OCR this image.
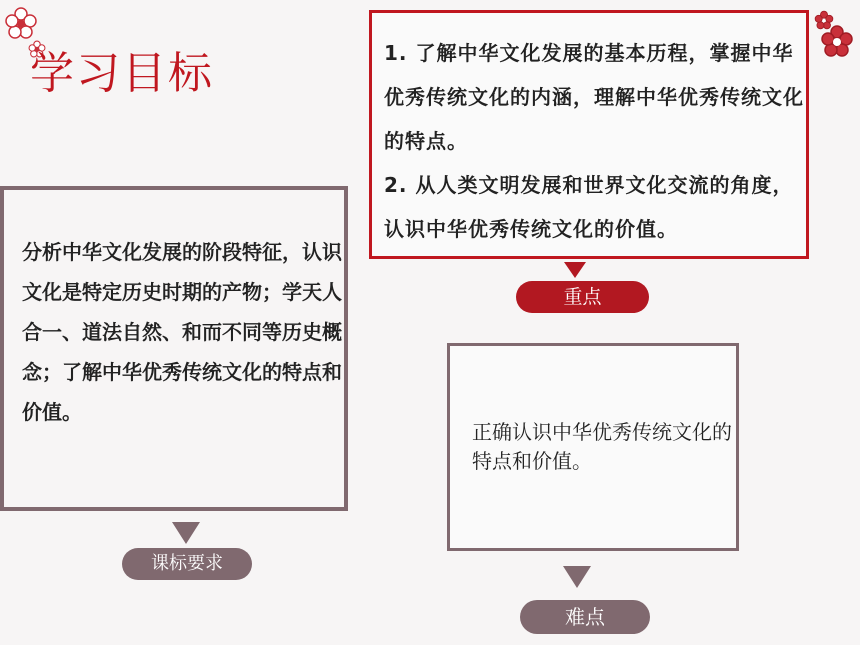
学习目标	1. 了解中华文化发展的基本历程，掌握中华优秀传统文化的内涵，理解中华优秀传统文化的特点。
2. 从人类文明发展和世界文化交流的角度，认识中华优秀传统文化的价值。
重点
分析中华文化发展的阶段特征，认识文化是特定历史时期的产物；学天人合一、道法自然、和而不同等历史概念；了解中华优秀传统文化的特点和价值。
课标要求
正确认识中华优秀传统文化的特点和价值。
难点
